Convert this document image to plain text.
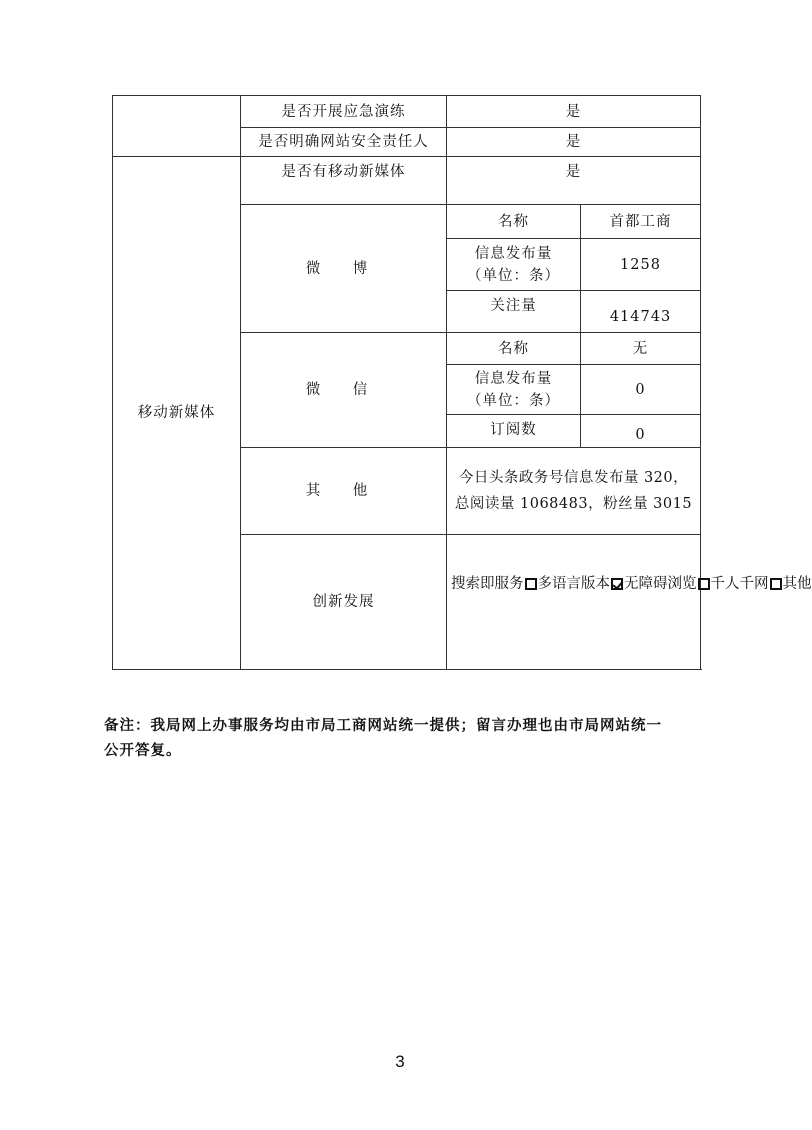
	是否开展应急演练	是	
	是否明确网站安全责任人	是	
移动新媒体	是否有移动新媒体	是	
	微 博	名称	首都工商

		信息发布量
（单位：条）	1258
		关注量	414743
	微 信	名称	无

		信息发布量
（单位：条）	0
		订阅数	0
	其 他	今日头条政务号信息发布量 320，
总阅读量 1068483，粉丝量 3015	

	创新发展	搜索即服务 多语言版本 无障碍浏览 千人千网 其他	
备注：我局网上办事服务均由市局工商网站统一提供；留言办理也由市局网站统一
公开答复。
3
